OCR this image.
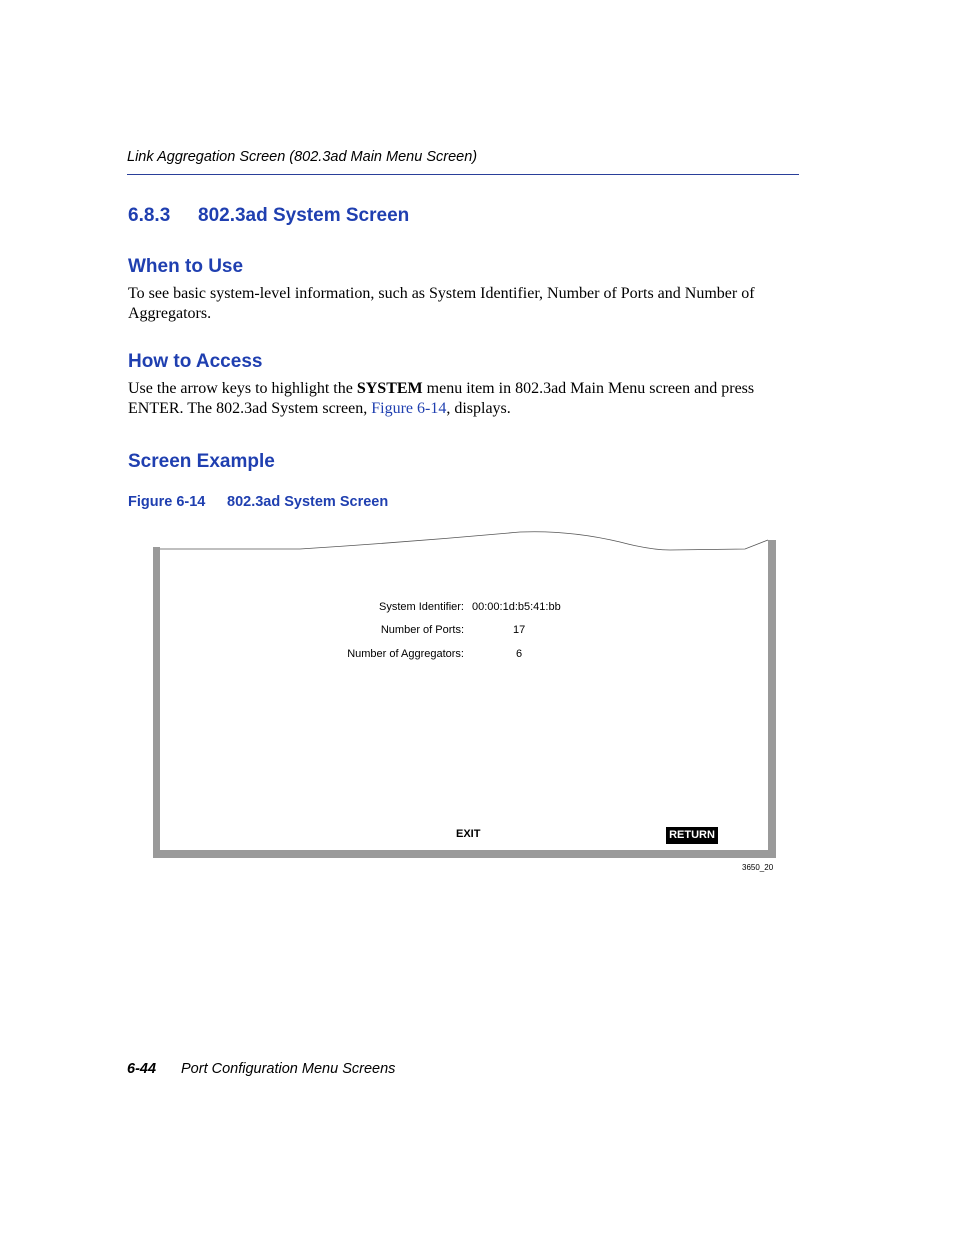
Link Aggregation Screen (802.3ad Main Menu Screen)
6.8.3 802.3ad System Screen
When to Use
To see basic system-level information, such as System Identifier, Number of Ports and Number of Aggregators.
How to Access
Use the arrow keys to highlight the SYSTEM menu item in 802.3ad Main Menu screen and press ENTER. The 802.3ad System screen, Figure 6-14, displays.
Screen Example
Figure 6-14 802.3ad System Screen
System Identifier: 00:00:1d:b5:41:bb
Number of Ports:	17
Number of Aggregators:	6
EXIT	RETURN
3650_20
6-44 Port Configuration Menu Screens
